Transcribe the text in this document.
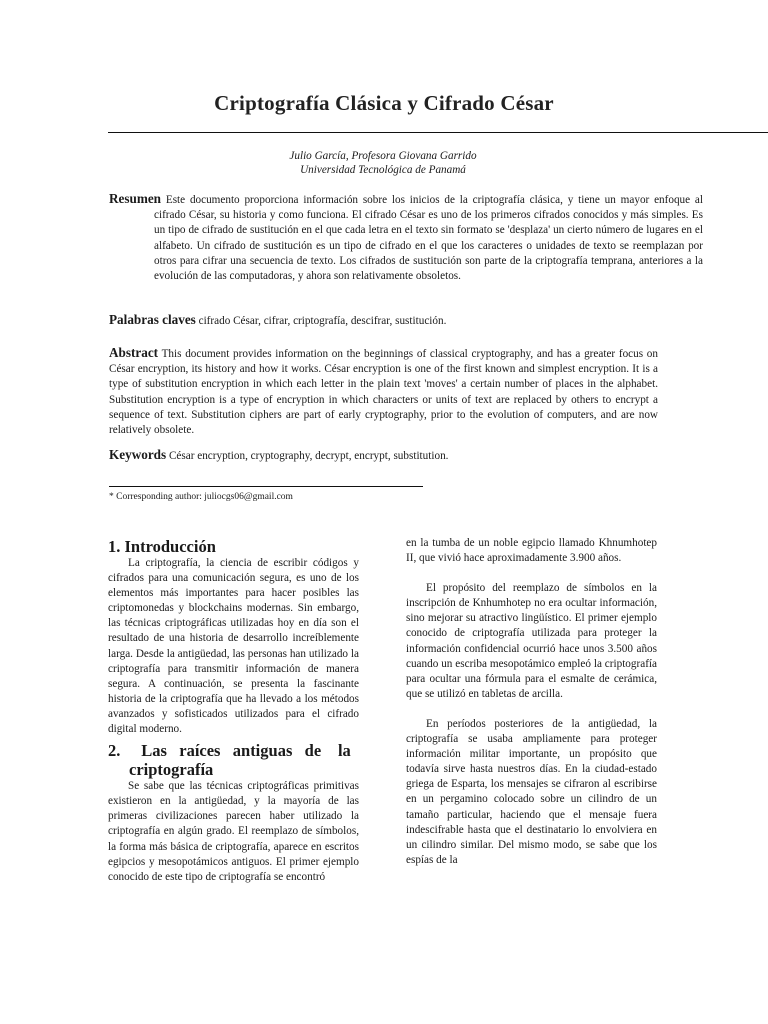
Criptografía Clásica y Cifrado César
Julio García, Profesora Giovana Garrido
Universidad Tecnológica de Panamá
Resumen Este documento proporciona información sobre los inicios de la criptografía clásica, y tiene un mayor enfoque al cifrado César, su historia y como funciona. El cifrado César es uno de los primeros cifrados conocidos y más simples. Es un tipo de cifrado de sustitución en el que cada letra en el texto sin formato se 'desplaza' un cierto número de lugares en el alfabeto. Un cifrado de sustitución es un tipo de cifrado en el que los caracteres o unidades de texto se reemplazan por otros para cifrar una secuencia de texto. Los cifrados de sustitución son parte de la criptografía temprana, anteriores a la evolución de las computadoras, y ahora son relativamente obsoletos.
Palabras claves cifrado César, cifrar, criptografía, descifrar, sustitución.
Abstract This document provides information on the beginnings of classical cryptography, and has a greater focus on César encryption, its history and how it works. César encryption is one of the first known and simplest encryption. It is a type of substitution encryption in which each letter in the plain text 'moves' a certain number of places in the alphabet. Substitution encryption is a type of encryption in which characters or units of text are replaced by others to encrypt a sequence of text. Substitution ciphers are part of early cryptography, prior to the evolution of computers, and are now relatively obsolete.
Keywords César encryption, cryptography, decrypt, encrypt, substitution.
* Corresponding author: juliocgs06@gmail.com
1. Introducción

La criptografía, la ciencia de escribir códigos y cifrados para una comunicación segura, es uno de los elementos más importantes para hacer posibles las criptomonedas y blockchains modernas. Sin embargo, las técnicas criptográficas utilizadas hoy en día son el resultado de una historia de desarrollo increíblemente larga. Desde la antigüedad, las personas han utilizado la criptografía para transmitir información de manera segura. A continuación, se presenta la fascinante historia de la criptografía que ha llevado a los métodos avanzados y sofisticados utilizados para el cifrado digital moderno.

2.	Las raíces antiguas de la
criptografía

Se sabe que las técnicas criptográficas primitivas existieron en la antigüedad, y la mayoría de las primeras civilizaciones parecen haber utilizado la criptografía en algún grado. El reemplazo de símbolos, la forma más básica de criptografía, aparece en escritos egipcios y mesopotámicos antiguos. El primer ejemplo conocido de este tipo de criptografía se encontró

en la tumba de un noble egipcio llamado Khnumhotep II, que vivió hace aproximadamente 3.900 años.

El propósito del reemplazo de símbolos en la inscripción de Knhumhotep no era ocultar información, sino mejorar su atractivo lingüístico. El primer ejemplo conocido de criptografía utilizada para proteger la información confidencial ocurrió hace unos 3.500 años cuando un escriba mesopotámico empleó la criptografía para ocultar una fórmula para el esmalte de cerámica, que se utilizó en tabletas de arcilla.

En períodos posteriores de la antigüedad, la criptografía se usaba ampliamente para proteger información militar importante, un propósito que todavía sirve hasta nuestros días. En la ciudad-estado griega de Esparta, los mensajes se cifraron al escribirse en un pergamino colocado sobre un cilindro de un tamaño particular, haciendo que el mensaje fuera indescifrable hasta que el destinatario lo envolviera en un cilindro similar. Del mismo modo, se sabe que los espías de la
